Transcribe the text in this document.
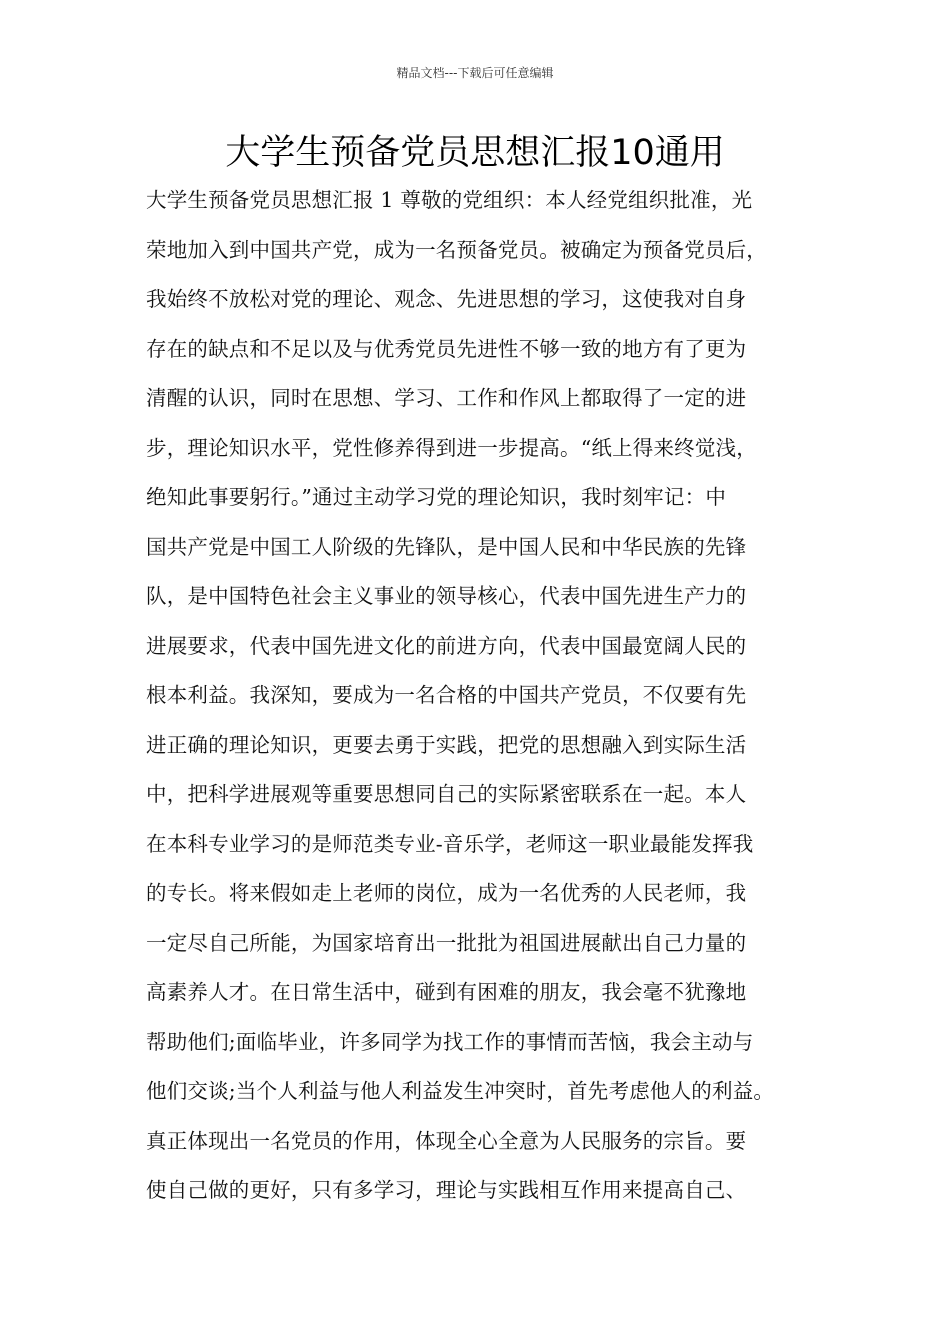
精品文档---下载后可任意编辑
大学生预备党员思想汇报10通用
大学生预备党员思想汇报 1 尊敬的党组织：本人经党组织批准，光
荣地加入到中国共产党，成为一名预备党员。被确定为预备党员后，
我始终不放松对党的理论、观念、先进思想的学习，这使我对自身
存在的缺点和不足以及与优秀党员先进性不够一致的地方有了更为
清醒的认识，同时在思想、学习、工作和作风上都取得了一定的进
步，理论知识水平，党性修养得到进一步提高。“纸上得来终觉浅，
绝知此事要躬行。”通过主动学习党的理论知识，我时刻牢记：中
国共产党是中国工人阶级的先锋队，是中国人民和中华民族的先锋
队，是中国特色社会主义事业的领导核心，代表中国先进生产力的
进展要求，代表中国先进文化的前进方向，代表中国最宽阔人民的
根本利益。我深知，要成为一名合格的中国共产党员，不仅要有先
进正确的理论知识，更要去勇于实践，把党的思想融入到实际生活
中，把科学进展观等重要思想同自己的实际紧密联系在一起。本人
在本科专业学习的是师范类专业-音乐学，老师这一职业最能发挥我
的专长。将来假如走上老师的岗位，成为一名优秀的人民老师，我
一定尽自己所能，为国家培育出一批批为祖国进展献出自己力量的
高素养人才。在日常生活中，碰到有困难的朋友，我会毫不犹豫地
帮助他们;面临毕业，许多同学为找工作的事情而苦恼，我会主动与
他们交谈;当个人利益与他人利益发生冲突时，首先考虑他人的利益。
真正体现出一名党员的作用，体现全心全意为人民服务的宗旨。要
使自己做的更好，只有多学习，理论与实践相互作用来提高自己、
